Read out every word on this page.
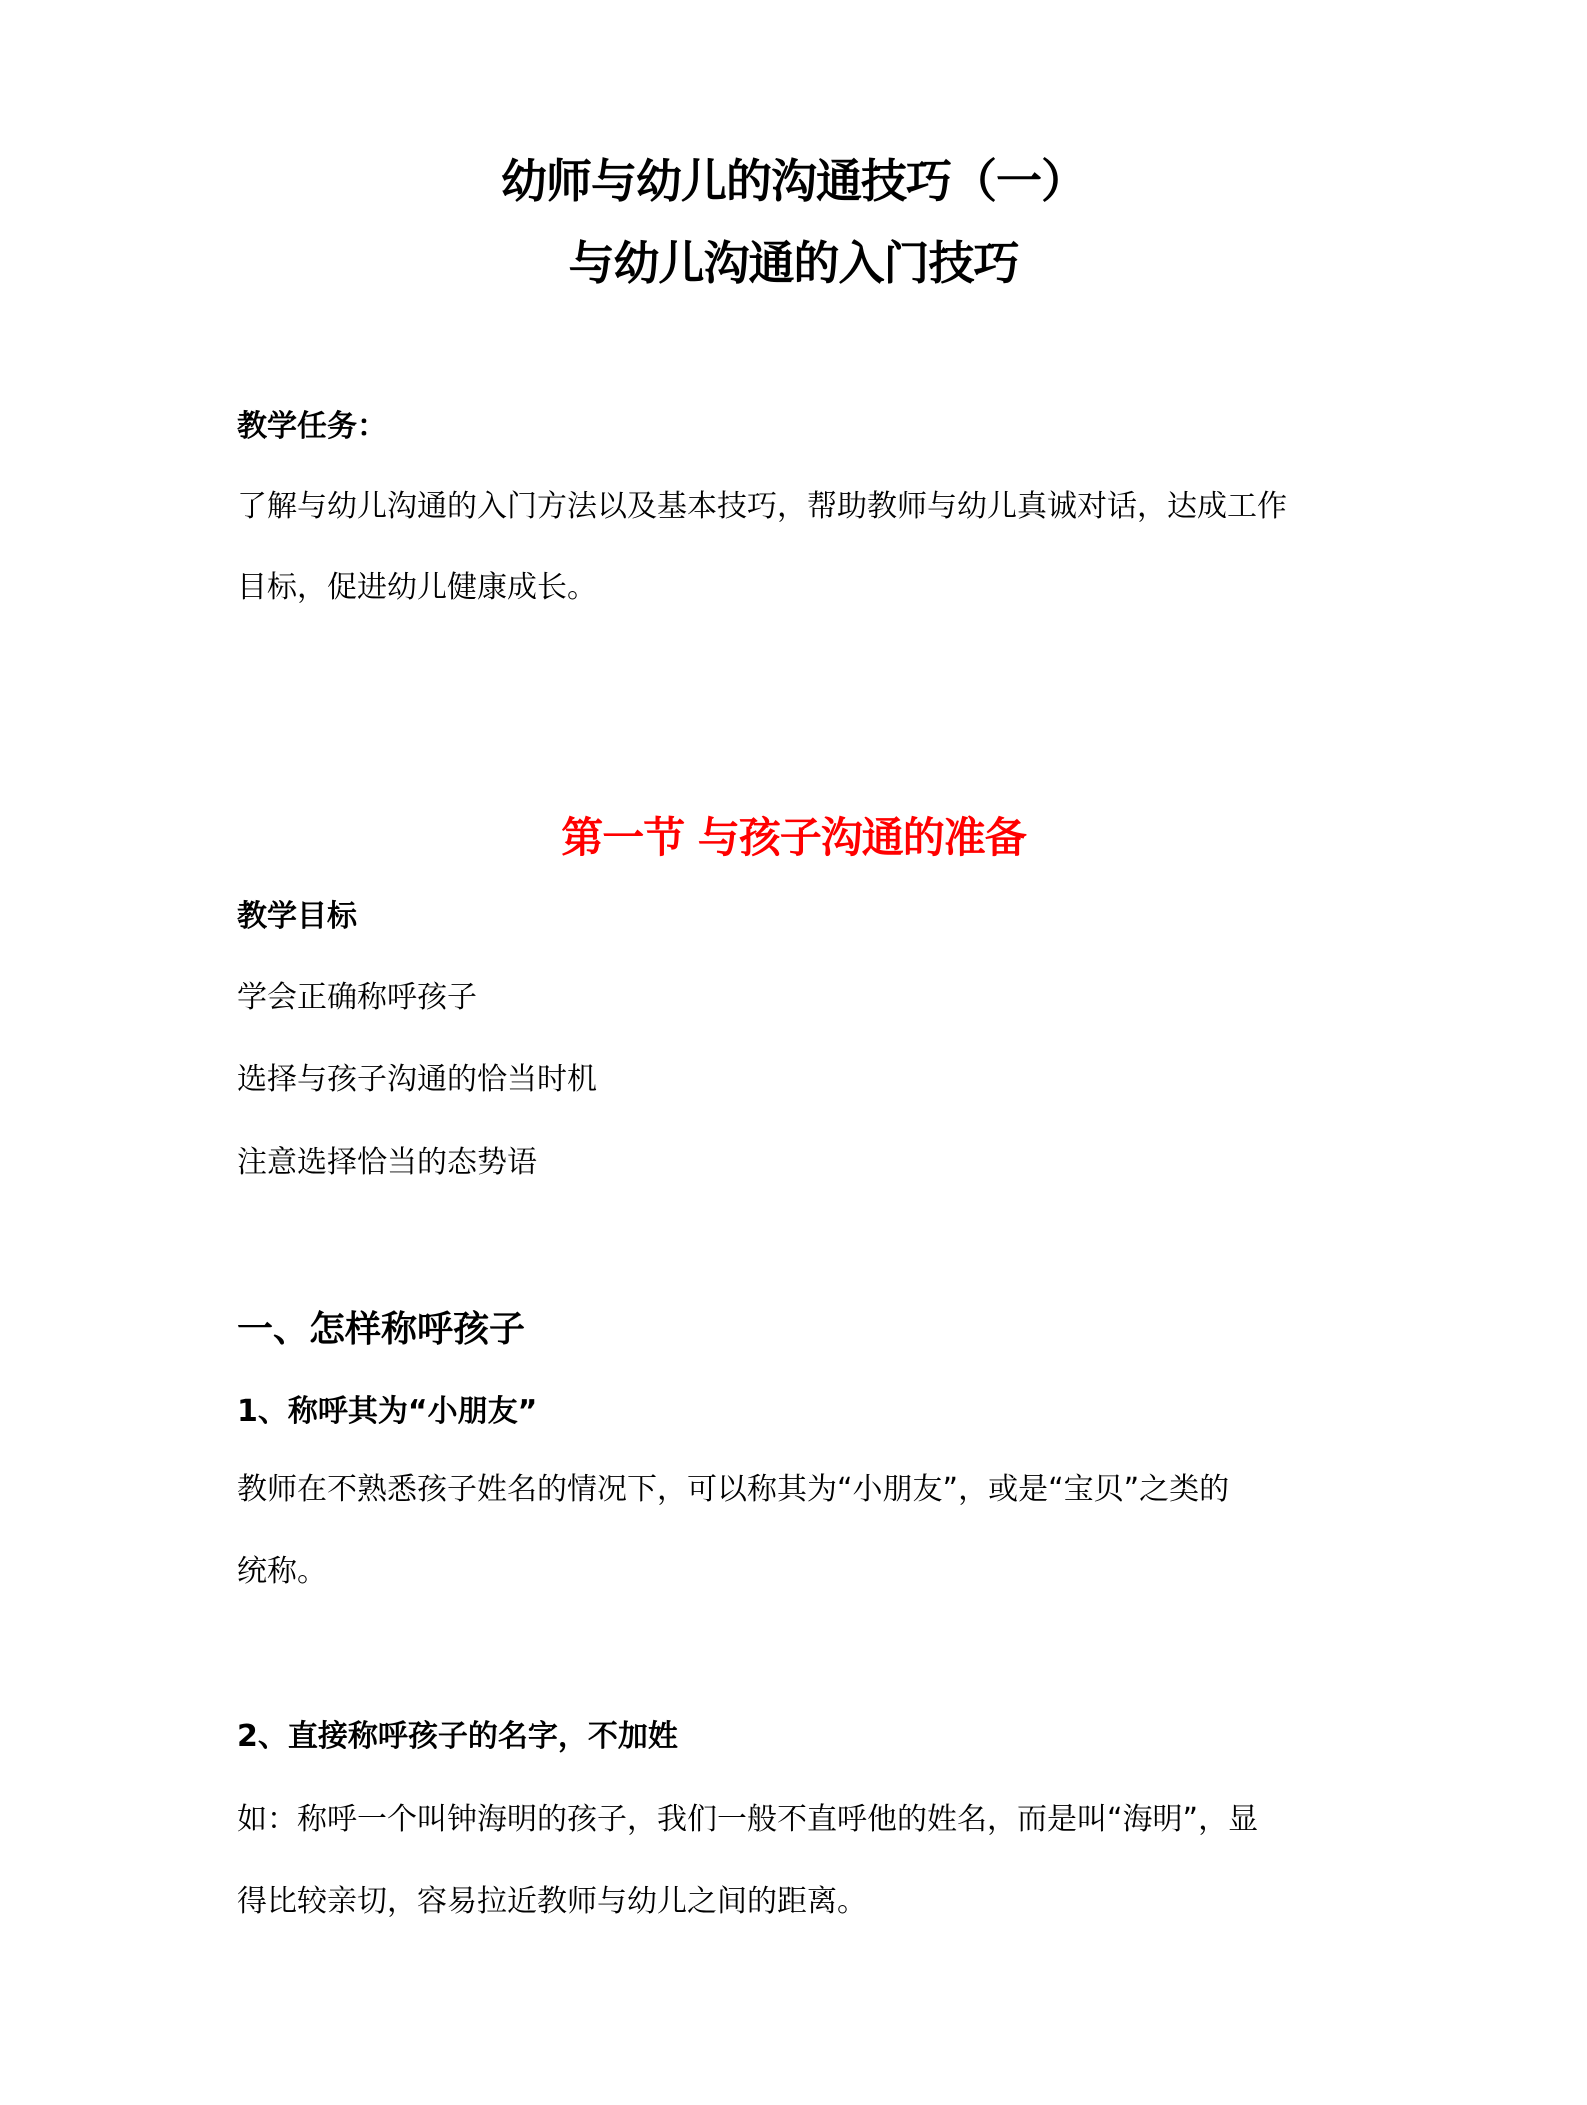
幼师与幼儿的沟通技巧（一）
与幼儿沟通的入门技巧
教学任务：
了解与幼儿沟通的入门方法以及基本技巧，帮助教师与幼儿真诚对话，达成工作
目标，促进幼儿健康成长。
第一节 与孩子沟通的准备
教学目标
学会正确称呼孩子
选择与孩子沟通的恰当时机
注意选择恰当的态势语
一、怎样称呼孩子
1、称呼其为“小朋友”
教师在不熟悉孩子姓名的情况下，可以称其为“小朋友”，或是“宝贝”之类的
统称。
2、直接称呼孩子的名字，不加姓
如：称呼一个叫钟海明的孩子，我们一般不直呼他的姓名，而是叫“海明”，显
得比较亲切，容易拉近教师与幼儿之间的距离。
